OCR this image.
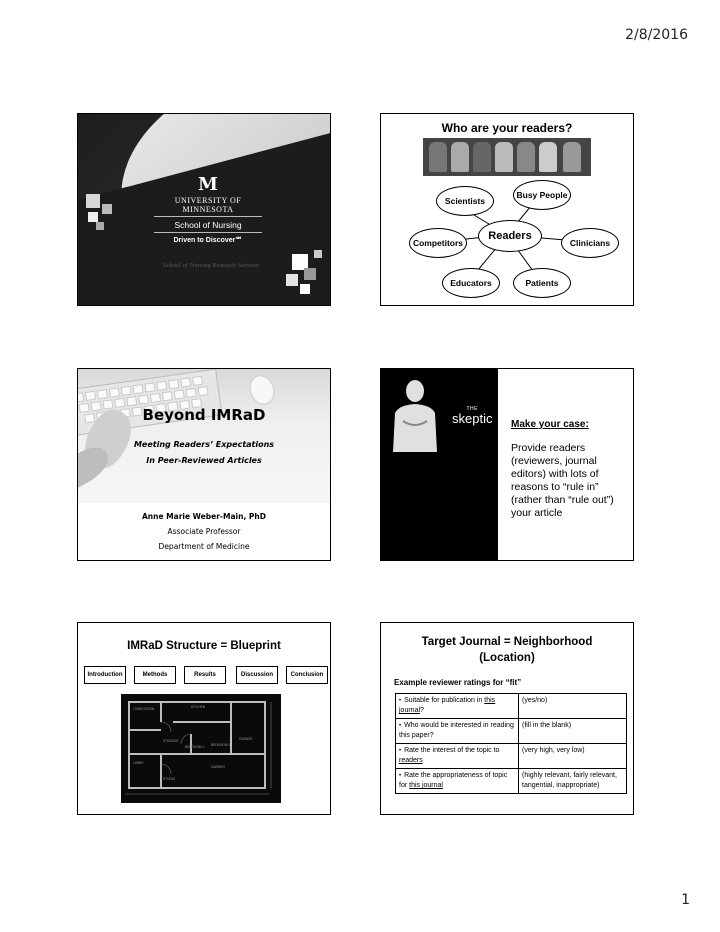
2/8/2016
M
UNIVERSITY OF MINNESOTA
School of Nursing
Driven to Discover℠
School of Nursing Research Seminar
Who are your readers?
Scientists
Busy People
Readers
Competitors	Clinicians
Educators	Patients
Beyond IMRaD
Meeting Readers’ Expectations
In Peer-Reviewed Articles
Anne Marie Weber-Main, PhD
Associate Professor
Department of Medicine
THE
skeptic Make your case:
Provide readers (reviewers, journal editors) with lots of reasons to “rule in” (rather than “rule out”) your article
IMRaD Structure = Blueprint
Introduction	Methods	Results	Discussion	Conclusion
LIVING ROOM	KITCHEN
STORAGE
BEDROOM 1 BEDROOM 2
GARAGE
LOBBY
STUDIO
GARDEN
Target Journal = Neighborhood
(Location)
Example reviewer ratings for “fit”
• Suitable for publication in this journal?	(yes/no)
• Who would be interested in reading this paper?	(fill in the blank)
• Rate the interest of the topic to readers	(very high, very low)
• Rate the appropriateness of topic for this journal	(highly relevant, fairly relevant, tangential, inappropriate)
1
